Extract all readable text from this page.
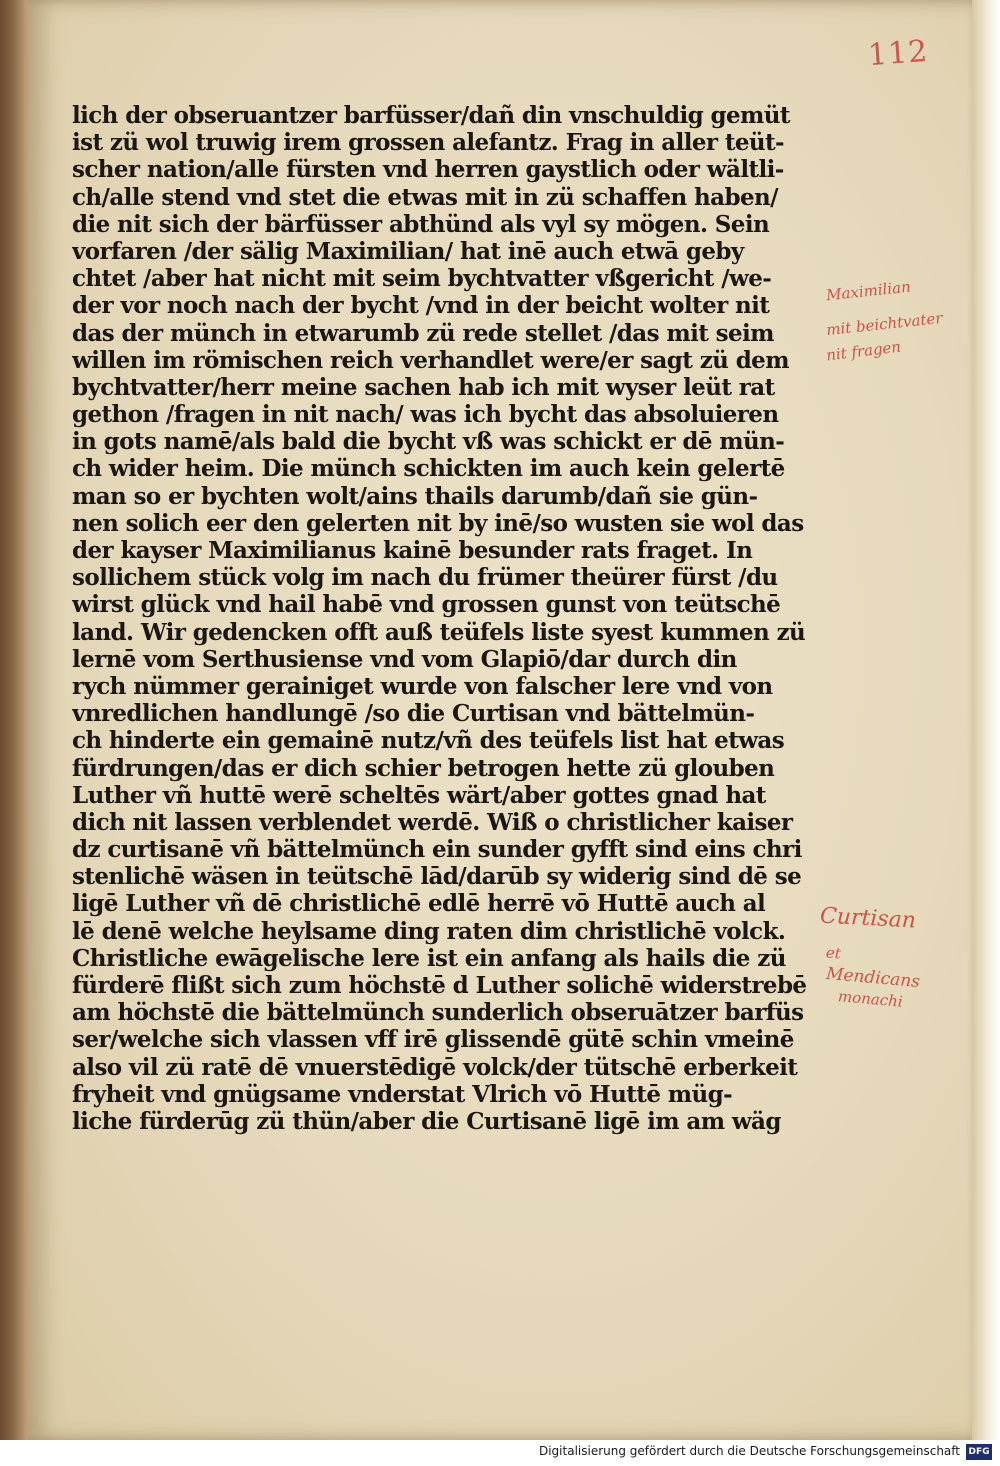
112
lich der obseruantzer barfüsser/dañ din vnschuldig gemüt
ist zü wol truwig irem grossen alefantz. Frag in aller teüt-
scher nation/alle fürsten vnd herren gaystlich oder wältli-
ch/alle stend vnd stet die etwas mit in zü schaffen haben/
die nit sich der bärfüsser abthünd als vyl sy mögen. Sein
vorfaren /der sälig Maximilian/ hat inē auch etwā geby
chtet /aber hat nicht mit seim bychtvatter vßgericht /we-
der vor noch nach der bycht /vnd in der beicht wolter nit
das der münch in etwarumb zü rede stellet /das mit seim
willen im römischen reich verhandlet were/er sagt zü dem
bychtvatter/herr meine sachen hab ich mit wyser leüt rat
gethon /fragen in nit nach/ was ich bycht das absoluieren
in gots namē/als bald die bycht vß was schickt er dē mün-
ch wider heim. Die münch schickten im auch kein gelertē
man so er bychten wolt/ains thails darumb/dañ sie gün-
nen solich eer den gelerten nit by inē/so wusten sie wol das
der kayser Maximilianus kainē besunder rats fraget. In
sollichem stück volg im nach du frümer theürer fürst /du
wirst glück vnd hail habē vnd grossen gunst von teütschē
land. Wir gedencken offt auß teüfels liste syest kummen zü
lernē vom Serthusiense vnd vom Glapiō/dar durch din
rych nümmer gerainiget wurde von falscher lere vnd von
vnredlichen handlungē /so die Curtisan vnd bättelmün-
ch hinderte ein gemainē nutz/vñ des teüfels list hat etwas
fürdrungen/das er dich schier betrogen hette zü glouben
Luther vñ huttē werē scheltēs wärt/aber gottes gnad hat
dich nit lassen verblendet werdē. Wiß o christlicher kaiser
dz curtisanē vñ bättelmünch ein sunder gyfft sind eins chri
stenlichē wäsen in teütschē lād/darūb sy widerig sind dē se
ligē Luther vñ dē christlichē edlē herrē vō Huttē auch al
lē denē welche heylsame ding raten dim christlichē volck.
Christliche ewāgelische lere ist ein anfang als hails die zü
fürderē flißt sich zum höchstē d Luther solichē widerstrebē
am höchstē die bättelmünch sunderlich obseruātzer barfüs
ser/welche sich vlassen vff irē glissendē gütē schin vmeinē
also vil zü ratē dē vnuerstēdigē volck/der tütschē erberkeit
fryheit vnd gnügsame vnderstat Vlrich vō Huttē müg-
liche fürderūg zü thün/aber die Curtisanē ligē im am wäg
Maximilian
mit beichtvater
nit fragen
Curtisan
et
Mendicans
monachi
Digitalisierung gefördert durch die Deutsche Forschungsgemeinschaft DFG
